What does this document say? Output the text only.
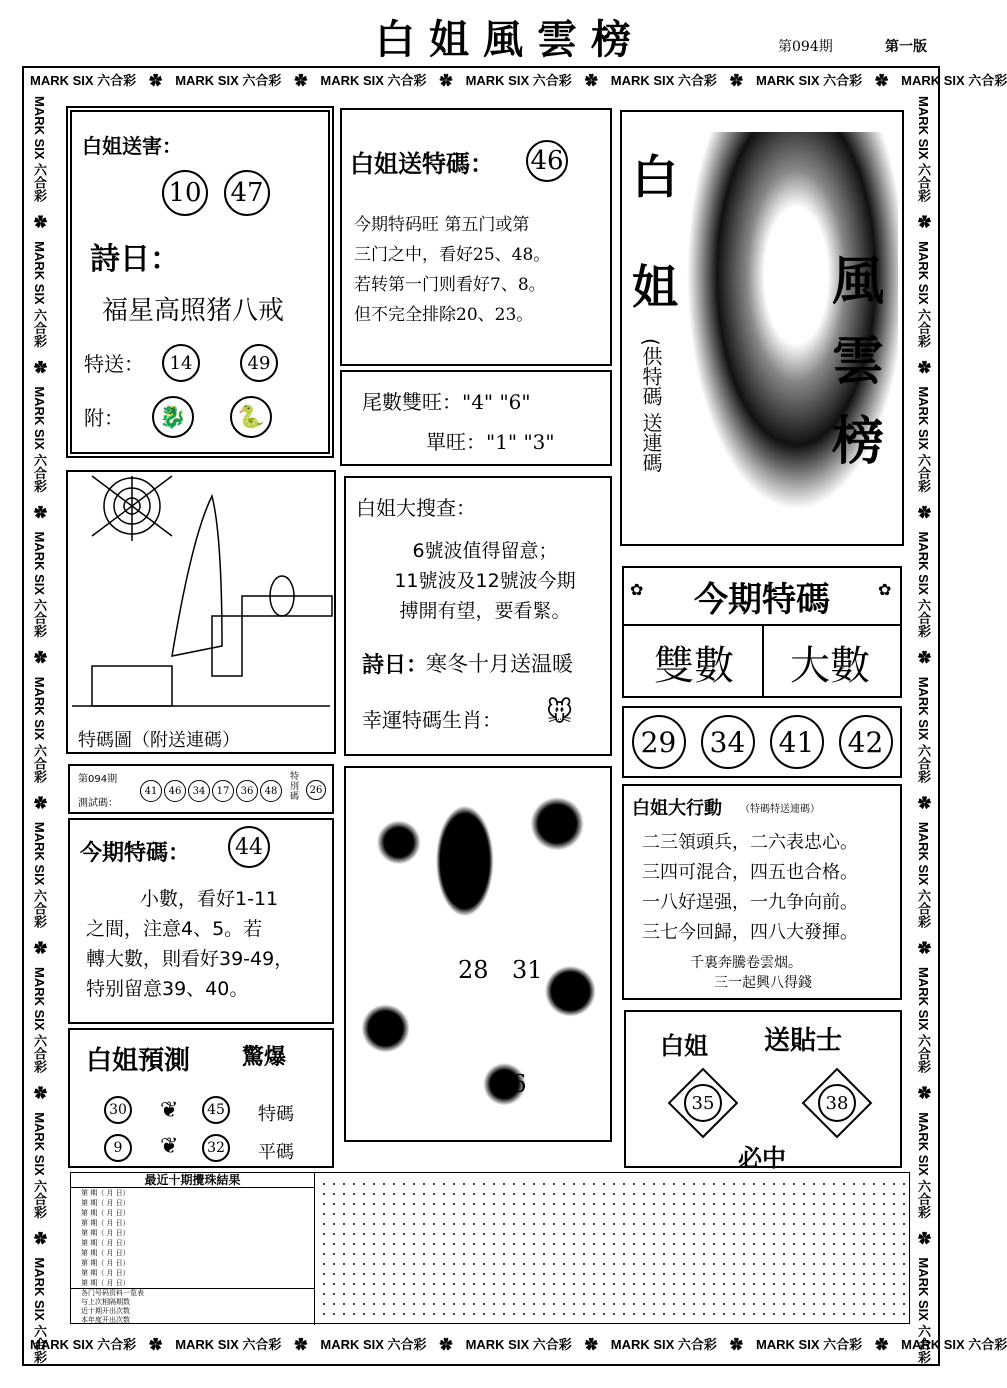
白姐風雲榜	第094期	第一版
MARK SIX 六合彩　✿　MARK SIX 六合彩　✿　MARK SIX 六合彩　✿　MARK SIX 六合彩　✿　MARK SIX 六合彩　✿　MARK SIX 六合彩　✿　MARK SIX 六合彩
MARK SIX 六合彩　✿　MARK SIX 六合彩　✿　MARK SIX 六合彩　✿　MARK SIX 六合彩　✿　MARK SIX 六合彩　✿　MARK SIX 六合彩　✿　MARK SIX 六合彩
MARK SIX 六合彩　✿　MARK SIX 六合彩　✿　MARK SIX 六合彩　✿　MARK SIX 六合彩　✿　MARK SIX 六合彩　✿　MARK SIX 六合彩　✿　MARK SIX 六合彩　✿　MARK SIX 六合彩　✿　MARK SIX 六合彩
MARK SIX 六合彩　✿　MARK SIX 六合彩　✿　MARK SIX 六合彩　✿　MARK SIX 六合彩　✿　MARK SIX 六合彩　✿　MARK SIX 六合彩　✿　MARK SIX 六合彩　✿　MARK SIX 六合彩　✿　MARK SIX 六合彩
白姐送害：
10 47
詩日：
福星高照猪八戒
特送：	14	49
附：	🐉	🐍
白姐送特碼： 46
今期特码旺 第五门或第
三门之中，看好25、48。
若转第一门则看好7、8。
但不完全排除20、23。
尾數雙旺："4" "6"
單旺："1" "3"
白
姐	風
雲
榜
(供特碼 送連碼
特碼圖（附送連碼）
白姐大搜查：
6號波值得留意；
11號波及12號波今期
搏開有望，要看緊。
詩日：
寒冬十月送温暖
幸運特碼生肖： 🐭
✿	今期特碼	✿
雙數	大數
29	34	41	42
第094期
測試碼：
41	46	34	17	36	48
特別碼
26
今期特碼：	44
小數，看好1-11
之間，注意4、5。若
轉大數，則看好39-49，
特别留意39、40。
28 31
36
白姐大行動 （特碼特送連碼）
二三領頭兵，二六表忠心。
三四可混合，四五也合格。
一八好逞强，一九争向前。
三七今回歸，四八大發揮。
千裏奔騰卷雲烟。
三一起興八得錢
白姐預測 驚爆
30 ❦	45 特碼
9	❦	32 平碼
白姐 送貼士
35	38
必中
最近十期攪珠結果
第 期（ 月 日）
第 期（ 月 日）
第 期（ 月 日）
第 期（ 月 日）
第 期（ 月 日）
第 期（ 月 日）
第 期（ 月 日）
第 期（ 月 日）
第 期（ 月 日）
第 期（ 月 日）
各门号码资料一览表
与上次相隔期数
近十期开出次数
本年度开出次数
